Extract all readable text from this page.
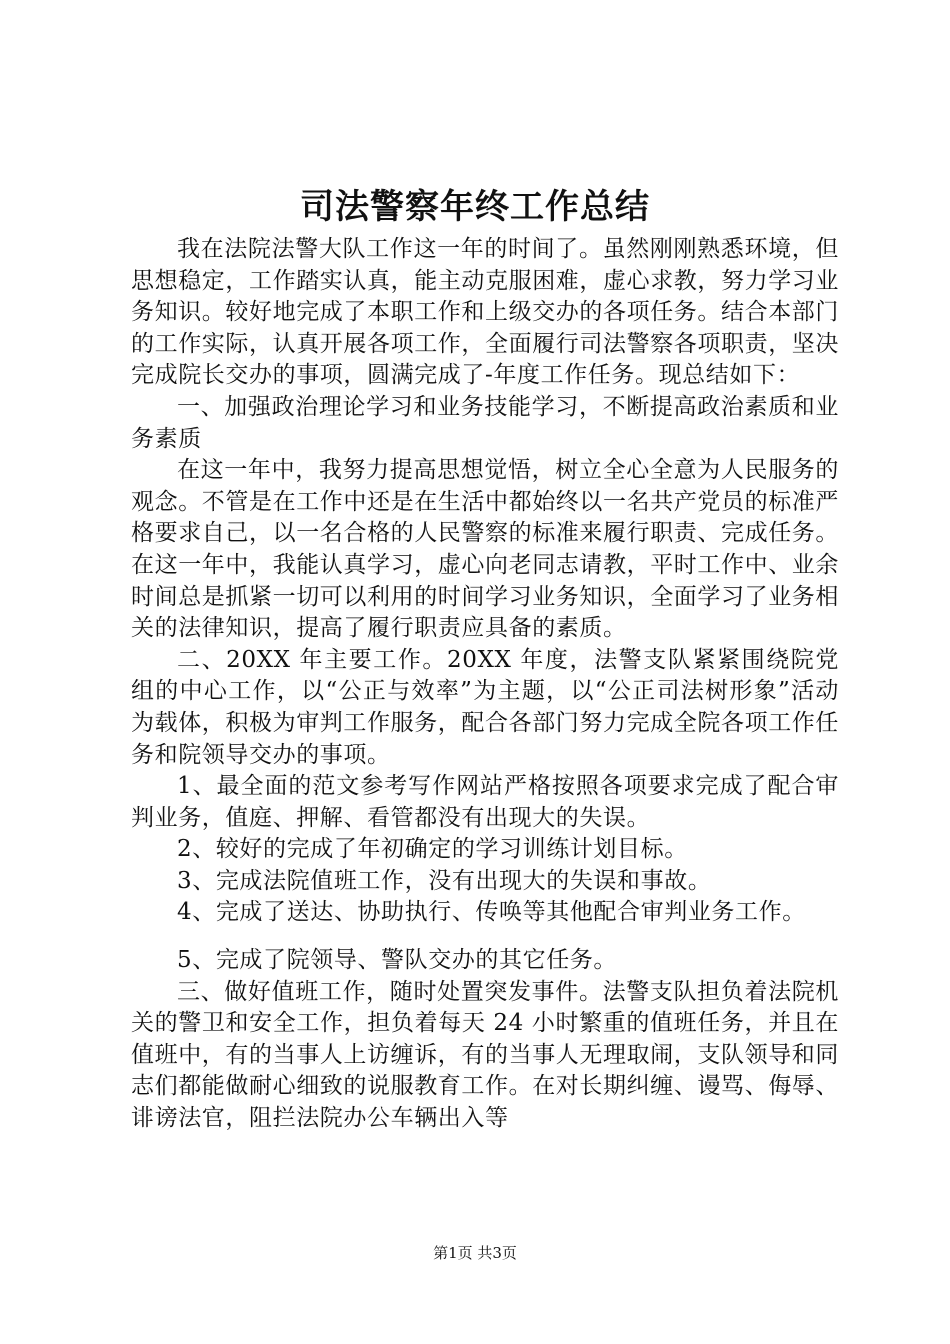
司法警察年终工作总结

我在法院法警大队工作这一年的时间了。虽然刚刚熟悉环境，但思想稳定，工作踏实认真，能主动克服困难，虚心求教，努力学习业务知识。较好地完成了本职工作和上级交办的各项任务。结合本部门的工作实际，认真开展各项工作，全面履行司法警察各项职责，坚决完成院长交办的事项，圆满完成了-年度工作任务。现总结如下：

一、加强政治理论学习和业务技能学习，不断提高政治素质和业务素质

在这一年中，我努力提高思想觉悟，树立全心全意为人民服务的观念。不管是在工作中还是在生活中都始终以一名共产党员的标准严格要求自己，以一名合格的人民警察的标准来履行职责、完成任务。在这一年中，我能认真学习，虚心向老同志请教，平时工作中、业余时间总是抓紧一切可以利用的时间学习业务知识，全面学习了业务相关的法律知识，提高了履行职责应具备的素质。

二、20XX 年主要工作。20XX 年度，法警支队紧紧围绕院党组的中心工作，以“公正与效率”为主题，以“公正司法树形象”活动为载体，积极为审判工作服务，配合各部门努力完成全院各项工作任务和院领导交办的事项。

1、最全面的范文参考写作网站严格按照各项要求完成了配合审判业务，值庭、押解、看管都没有出现大的失误。

2、较好的完成了年初确定的学习训练计划目标。

3、完成法院值班工作，没有出现大的失误和事故。

4、完成了送达、协助执行、传唤等其他配合审判业务工作。

5、完成了院领导、警队交办的其它任务。

三、做好值班工作，随时处置突发事件。法警支队担负着法院机关的警卫和安全工作，担负着每天 24 小时繁重的值班任务，并且在值班中，有的当事人上访缠诉，有的当事人无理取闹，支队领导和同志们都能做耐心细致的说服教育工作。在对长期纠缠、谩骂、侮辱、诽谤法官，阻拦法院办公车辆出入等

第1页 共3页
